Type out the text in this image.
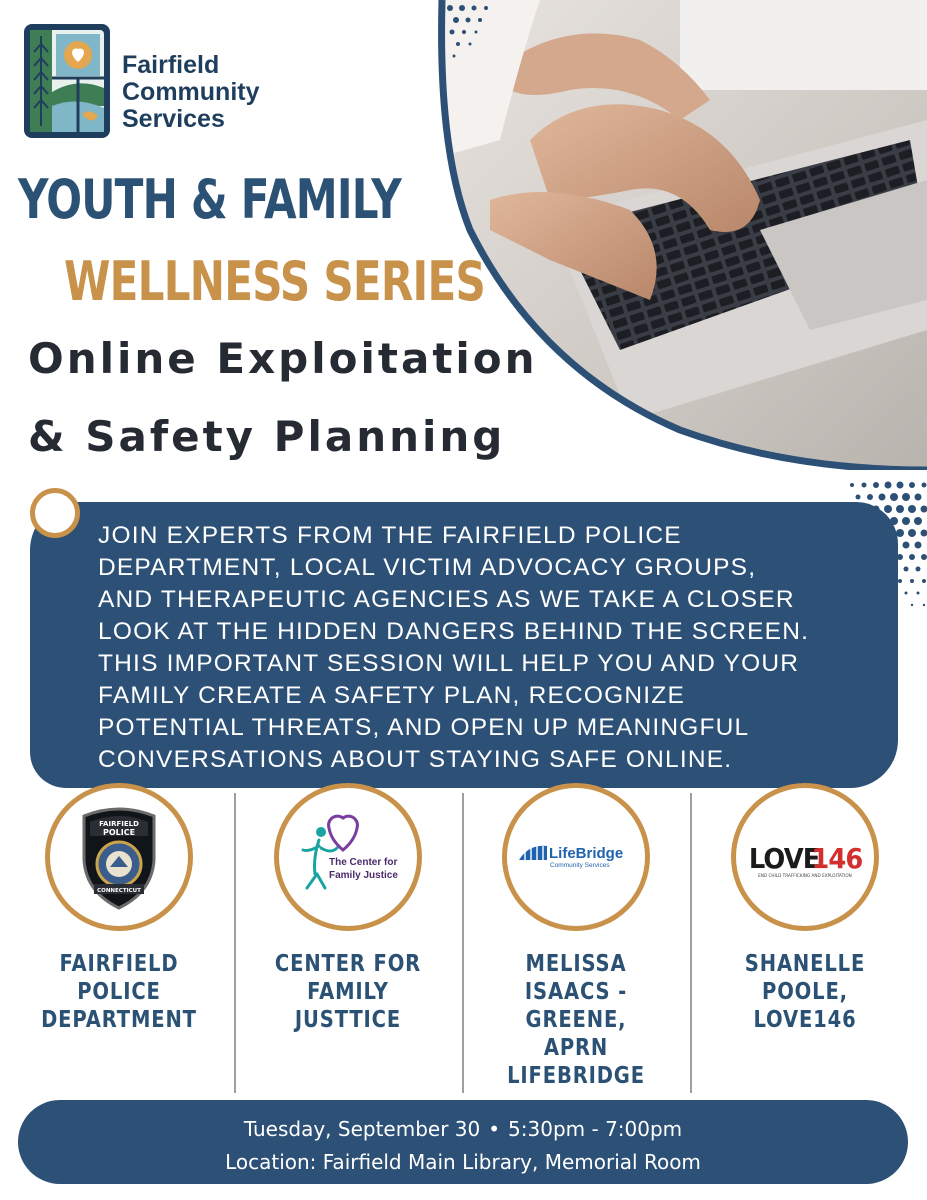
Fairfield
Community
Services
YOUTH & FAMILY
WELLNESS SERIES
Online Exploitation
& Safety Planning
JOIN EXPERTS FROM THE FAIRFIELD POLICE
DEPARTMENT, LOCAL VICTIM ADVOCACY GROUPS,
AND THERAPEUTIC AGENCIES AS WE TAKE A CLOSER
LOOK AT THE HIDDEN DANGERS BEHIND THE SCREEN.
THIS IMPORTANT SESSION WILL HELP YOU AND YOUR
FAMILY CREATE A SAFETY PLAN, RECOGNIZE
POTENTIAL THREATS, AND OPEN UP MEANINGFUL
CONVERSATIONS ABOUT STAYING SAFE ONLINE.
FAIRFIELD
POLICE
CONNECTICUT
FAIRFIELD
POLICE
DEPARTMENT
The Center for
Family Justice
CENTER FOR
FAMILY
JUSTTICE
LifeBridge
Community Services
MELISSA
ISAACS -
GREENE,
APRN
LIFEBRIDGE
LOVE
146
END CHILD TRAFFICKING AND EXPLOITATION
SHANELLE
POOLE,
LOVE146
Tuesday, September 30 • 5:30pm - 7:00pm
Location: Fairfield Main Library, Memorial Room
